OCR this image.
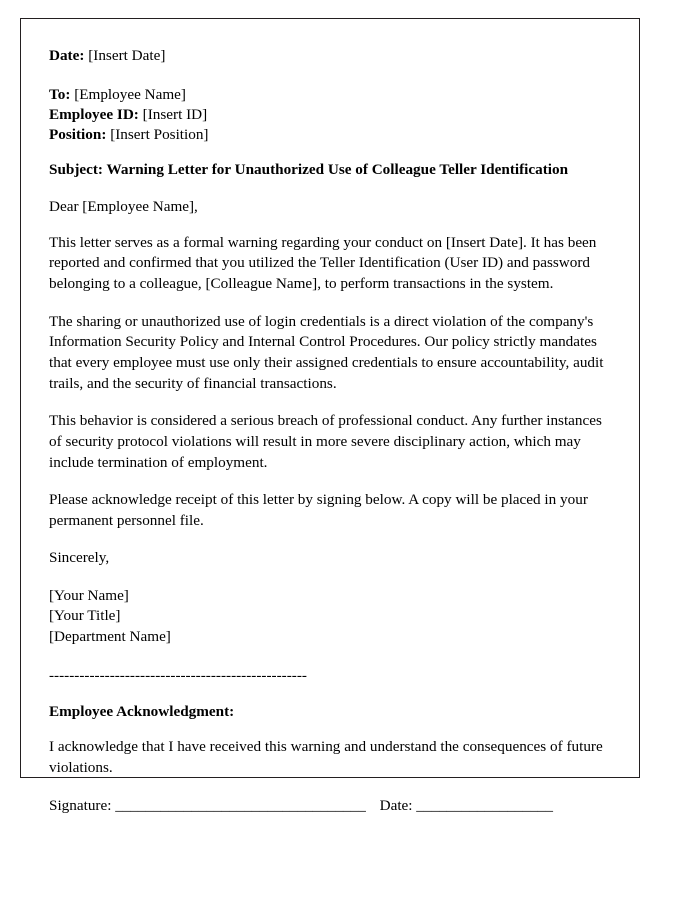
Date: [Insert Date]
To: [Employee Name]
Employee ID: [Insert ID]
Position: [Insert Position]
Subject: Warning Letter for Unauthorized Use of Colleague Teller Identification
Dear [Employee Name],
This letter serves as a formal warning regarding your conduct on [Insert Date]. It has been reported and confirmed that you utilized the Teller Identification (User ID) and password belonging to a colleague, [Colleague Name], to perform transactions in the system.
The sharing or unauthorized use of login credentials is a direct violation of the company's Information Security Policy and Internal Control Procedures. Our policy strictly mandates that every employee must use only their assigned credentials to ensure accountability, audit trails, and the security of financial transactions.
This behavior is considered a serious breach of professional conduct. Any further instances of security protocol violations will result in more severe disciplinary action, which may include termination of employment.
Please acknowledge receipt of this letter by signing below. A copy will be placed in your permanent personnel file.
Sincerely,
[Your Name]
[Your Title]
[Department Name]
---------------------------------------------------
Employee Acknowledgment:
I acknowledge that I have received this warning and understand the consequences of future violations.
Signature: _________________________________ Date: __________________
